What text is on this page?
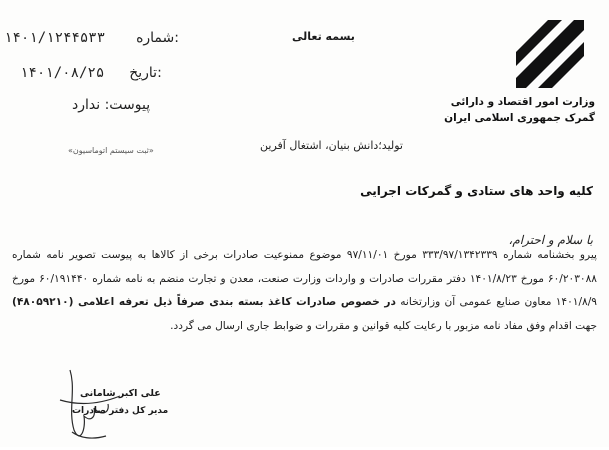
۱۴۰۱/۱۲۴۴۵۳۳ شماره:
۱۴۰۱/۰۸/۲۵ تاریخ:
پیوست: ندارد
«ثبت سیستم اتوماسیون»
بسمه تعالی
وزارت امور اقتصاد و دارائی
گمرک جمهوری اسلامی ایران
تولید؛دانش بنیان، اشتغال آفرین
کلیه واحد های ستادی و گمرکات اجرایی
با سلام و احترام،
پیرو بخشنامه شماره ۳۳۳/۹۷/۱۳۴۲۳۳۹ مورخ ۹۷/۱۱/۰۱ موضوع ممنوعیت صادرات برخی از کالاها به پیوست تصویر نامه شماره ۶۰/۲۰۳۰۸۸ مورخ ۱۴۰۱/۸/۲۳ دفتر مقررات صادرات و واردات وزارت صنعت، معدن و تجارت منضم به نامه شماره ۶۰/۱۹۱۴۴۰ مورخ ۱۴۰۱/۸/۹ معاون صنایع عمومی آن وزارتخانه در خصوص صادرات کاغذ بسته بندی صرفاً ذیل تعرفه اعلامی (۴۸۰۵۹۲۱۰) جهت اقدام وفق مفاد نامه مزبور با رعایت کلیه قوانین و مقررات و ضوابط جاری ارسال می گردد.
علی اکبر شامانی
مدیر کل دفتر صادرات
